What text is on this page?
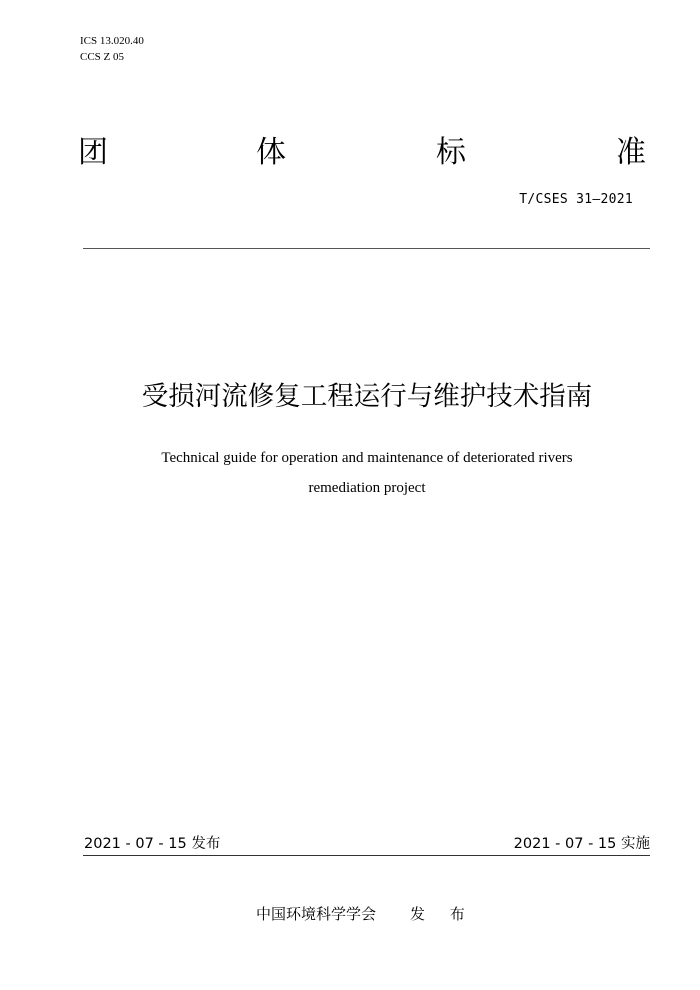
ICS 13.020.40
CCS Z 05
团	体	标	准
T/CSES 31—2021
受损河流修复工程运行与维护技术指南
Technical guide for operation and maintenance of deteriorated rivers
remediation project
2021 - 07 - 15 发布	2021 - 07 - 15 实施
中国环境科学学会 发 布
